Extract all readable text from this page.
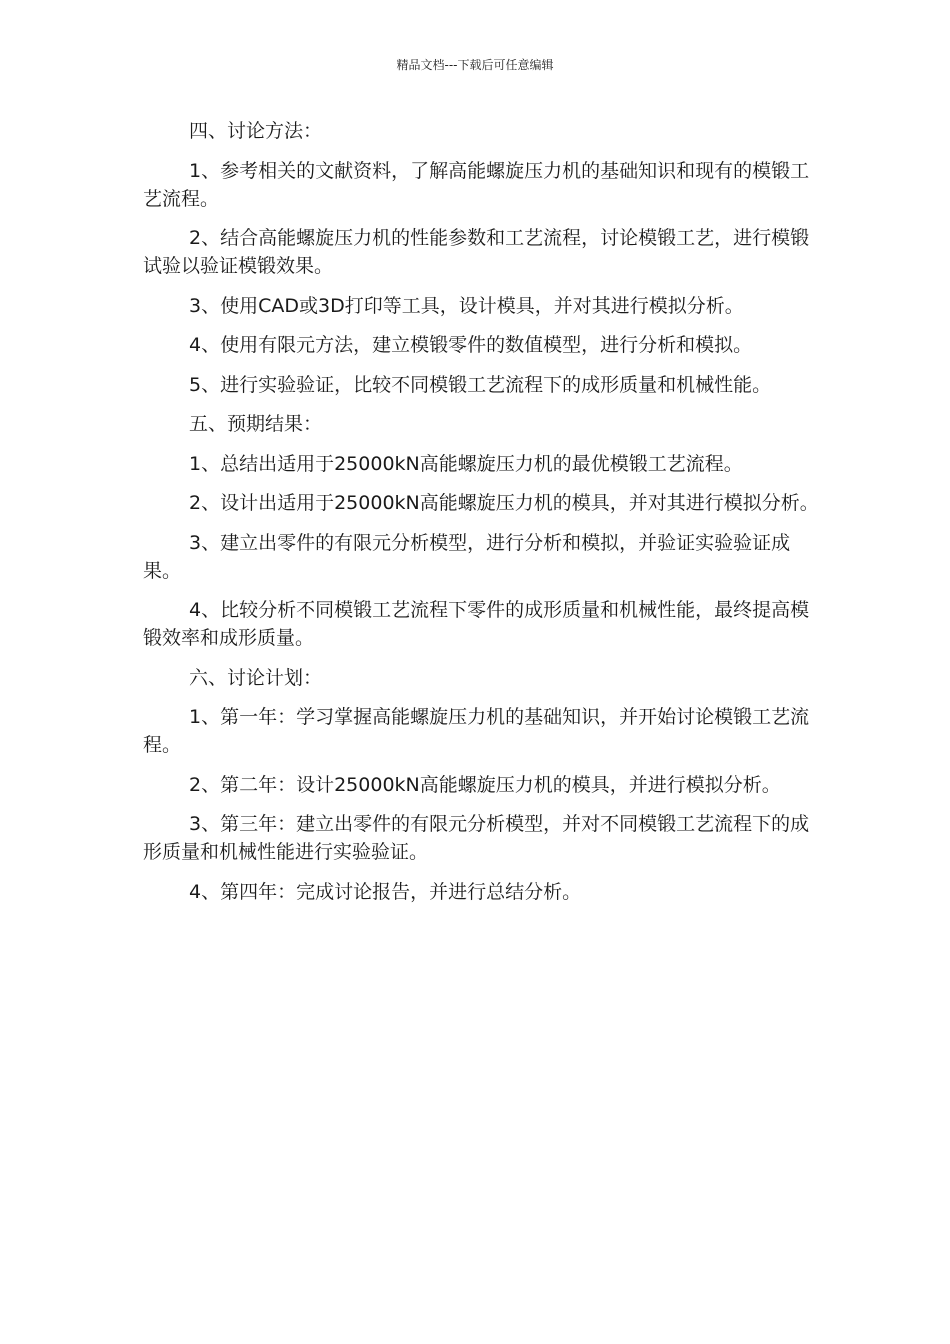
精品文档---下载后可任意编辑

四、讨论方法：

1、参考相关的文献资料，了解高能螺旋压力机的基础知识和现有的模锻工艺流程。

2、结合高能螺旋压力机的性能参数和工艺流程，讨论模锻工艺，进行模锻试验以验证模锻效果。

3、使用CAD或3D打印等工具，设计模具，并对其进行模拟分析。

4、使用有限元方法，建立模锻零件的数值模型，进行分析和模拟。

5、进行实验验证，比较不同模锻工艺流程下的成形质量和机械性能。

五、预期结果：

1、总结出适用于25000kN高能螺旋压力机的最优模锻工艺流程。

2、设计出适用于25000kN高能螺旋压力机的模具，并对其进行模拟分析。

3、建立出零件的有限元分析模型，进行分析和模拟，并验证实验验证成果。

4、比较分析不同模锻工艺流程下零件的成形质量和机械性能，最终提高模锻效率和成形质量。

六、讨论计划：

1、第一年：学习掌握高能螺旋压力机的基础知识，并开始讨论模锻工艺流程。

2、第二年：设计25000kN高能螺旋压力机的模具，并进行模拟分析。

3、第三年：建立出零件的有限元分析模型，并对不同模锻工艺流程下的成形质量和机械性能进行实验验证。

4、第四年：完成讨论报告，并进行总结分析。
